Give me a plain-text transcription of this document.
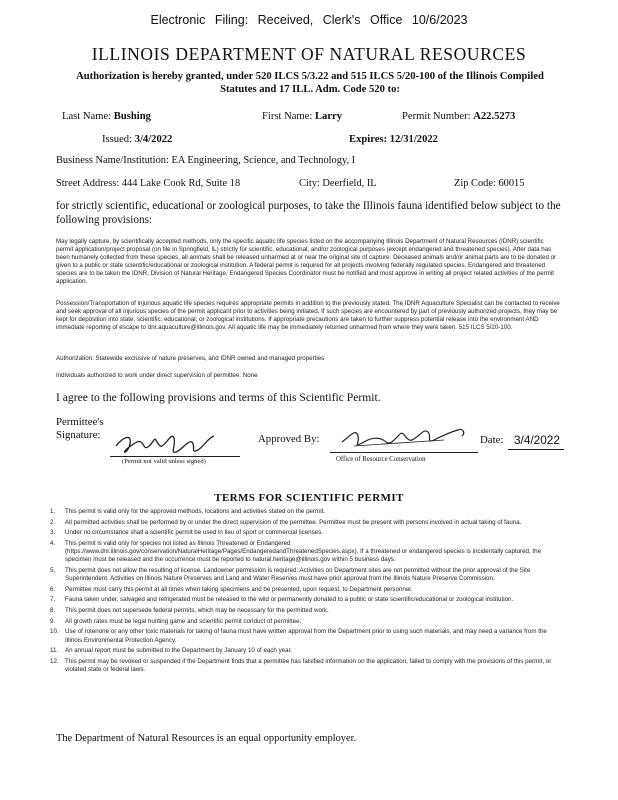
Electronic Filing: Received, Clerk's Office 10/6/2023
ILLINOIS DEPARTMENT OF NATURAL RESOURCES
Authorization is hereby granted, under 520 ILCS 5/3.22 and 515 ILCS 5/20-100 of the Illinois Compiled Statutes and 17 ILL. Adm. Code 520 to:
Last Name: Bushing	First Name: Larry	Permit Number: A22.5273
Issued: 3/4/2022	Expires: 12/31/2022
Business Name/Institution: EA Engineering, Science, and Technology, I
Street Address: 444 Lake Cook Rd, Suite 18	City: Deerfield, IL	Zip Code: 60015
for strictly scientific, educational or zoological purposes, to take the Illinois fauna identified below subject to the following provisions:
May legally capture, by scientifically accepted methods, only the specific aquatic life species listed on the accompanying Illinois Department of Natural Resources (IDNR) scientific permit application/project proposal (on file in Springfield, IL) strictly for scientific, educational, and/or zoological purposes (except endangered and threatened species). After data has been humanely collected from these species, all animals shall be released unharmed at or near the original site of capture. Deceased animals and/or animal parts are to be donated or given to a public or state scientific/educational or zoological institution. A federal permit is required for all projects involving federally regulated species. Endangered and threatened species are to be taken the IDNR, Division of Natural Heritage, Endangered Species Coordinator must be notified and must approve in writing all project related activities of the permit application.
Possession/Transportation of injurious aquatic life species requires appropriate permits in addition to the previously stated. The IDNR Aquaculture Specialist can be contacted to receive and seek approval of all injurious species of the permit applicant prior to activities being initiated. If such species are encountered by part of previously authorized projects, they may be kept for deposition into state, scientific, educational, or zoological institutions. If appropriate precautions are taken to further suppress potential release into the environment AND immediate reporting of escape to dnr.aquaculture@illinois.gov. All aquatic life may be immediately returned unharmed from where they were taken. 515 ILCS 5/20-100.
Authorization: Statewide exclusive of nature preserves, and IDNR owned and managed properties
Individuals authorized to work under direct supervision of permittee: None
I agree to the following provisions and terms of this Scientific Permit.
Permittee's
Signature:
(Permit not valid unless signed)
Approved By:
Office of Resource Conservation
Date: 3/4/2022
TERMS FOR SCIENTIFIC PERMIT
1. This permit is valid only for the approved methods, locations and activities stated on the permit.
2. All permitted activities shall be performed by or under the direct supervision of the permittee. Permittee must be present with persons involved in actual taking of fauna.
3. Under no circumstance shall a scientific permit be used in lieu of sport or commercial licenses.
4. This permit is valid only for species not listed as Illinois Threatened or Endangered (https://www.dnr.illinois.gov/conservation/NaturalHeritage/Pages/EndangeredandThreatenedSpecies.aspx). If a threatened or endangered species is incidentally captured, the specimen must be released and the occurrence must be reported to natural.heritage@illinois.gov within 5 business days.
5. This permit does not allow the resulting of license. Landowner permission is required. Activities on Department sites are not permitted without the prior approval of the Site Superintendent. Activities on Illinois Nature Preserves and Land and Water Reserves must have prior approval from the Illinois Nature Preserve Commission.
6. Permittee must carry this permit at all times when taking specimens and be presented, upon request, to Department personnel.
7. Fauna taken under, salvaged and refrigerated must be released to the wild or permanently donated to a public or state scientific/educational or zoological institution.
8. This permit does not supersede federal permits, which may be necessary for the permitted work.
9. All growth rates must be legal hunting game and scientific permit conduct of permittee.
10. Use of rotenone or any other toxic materials for taking of fauna must have written approval from the Department prior to using such materials, and may need a variance from the Illinois Environmental Protection Agency.
11. An annual report must be submitted to the Department by January 10 of each year.
12. This permit may be revoked or suspended if the Department finds that a permittee has falsified information on the application, failed to comply with the provisions of this permit, or violated state or federal laws.
The Department of Natural Resources is an equal opportunity employer.
